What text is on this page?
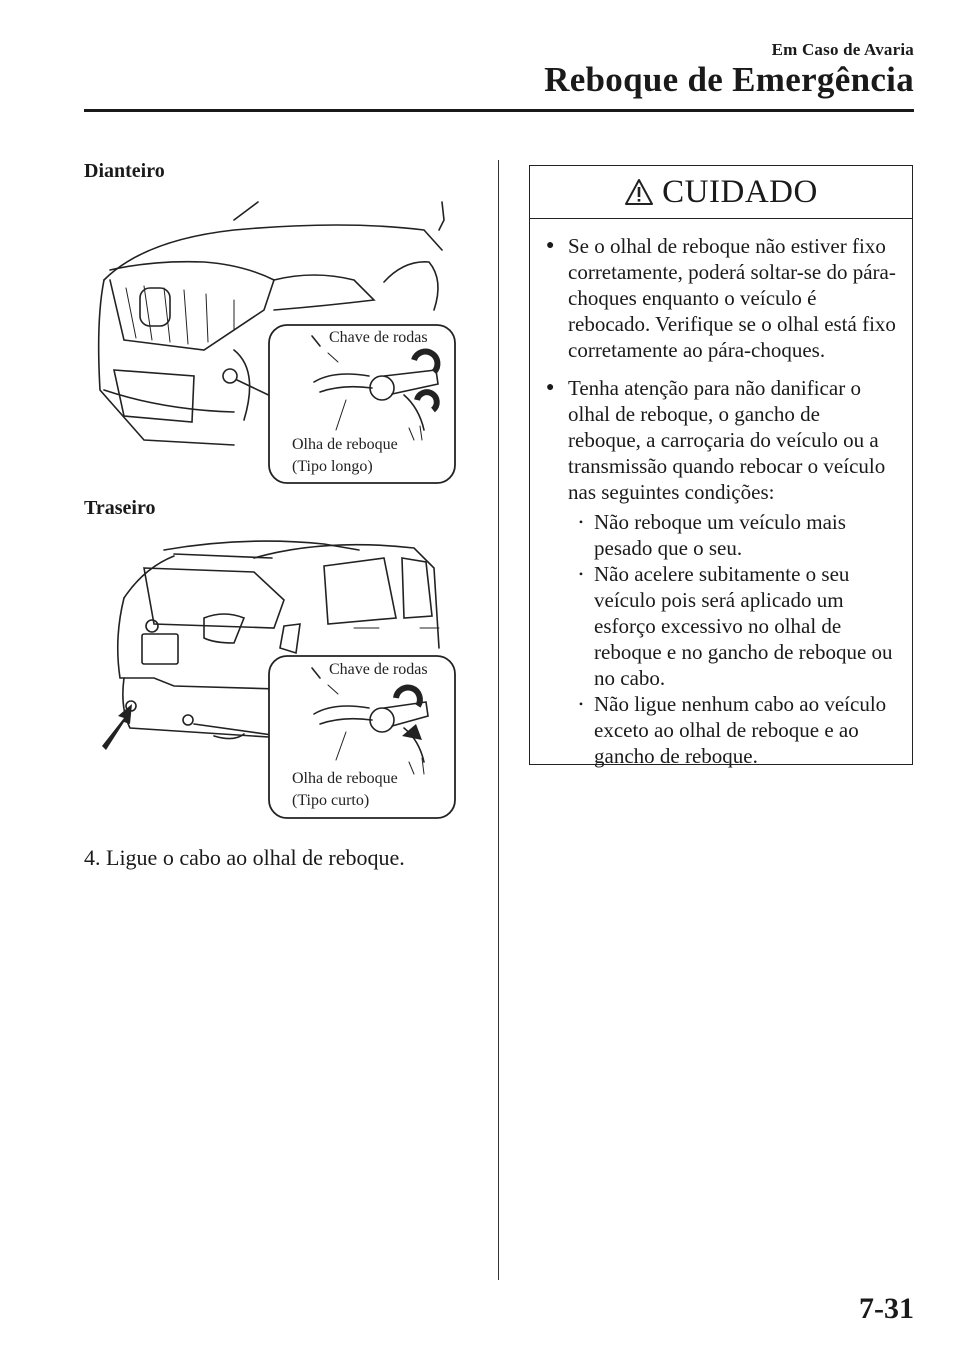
Em Caso de Avaria
Reboque de Emergência
Dianteiro
Chave de rodas
Olha de reboque
(Tipo longo)
Traseiro
Chave de rodas
Olha de reboque
(Tipo curto)
4. Ligue o cabo ao olhal de reboque.
CUIDADO
● Se o olhal de reboque não estiver fixo corretamente, poderá soltar-se do pára-choques enquanto o veículo é rebocado. Verifique se o olhal está fixo corretamente ao pára-choques.
● Tenha atenção para não danificar o olhal de reboque, o gancho de reboque, a carroçaria do veículo ou a transmissão quando rebocar o veículo nas seguintes condições:
• Não reboque um veículo mais pesado que o seu.
• Não acelere subitamente o seu veículo pois será aplicado um esforço excessivo no olhal de reboque e no gancho de reboque ou no cabo.
• Não ligue nenhum cabo ao veículo exceto ao olhal de reboque e ao gancho de reboque.
7-31
